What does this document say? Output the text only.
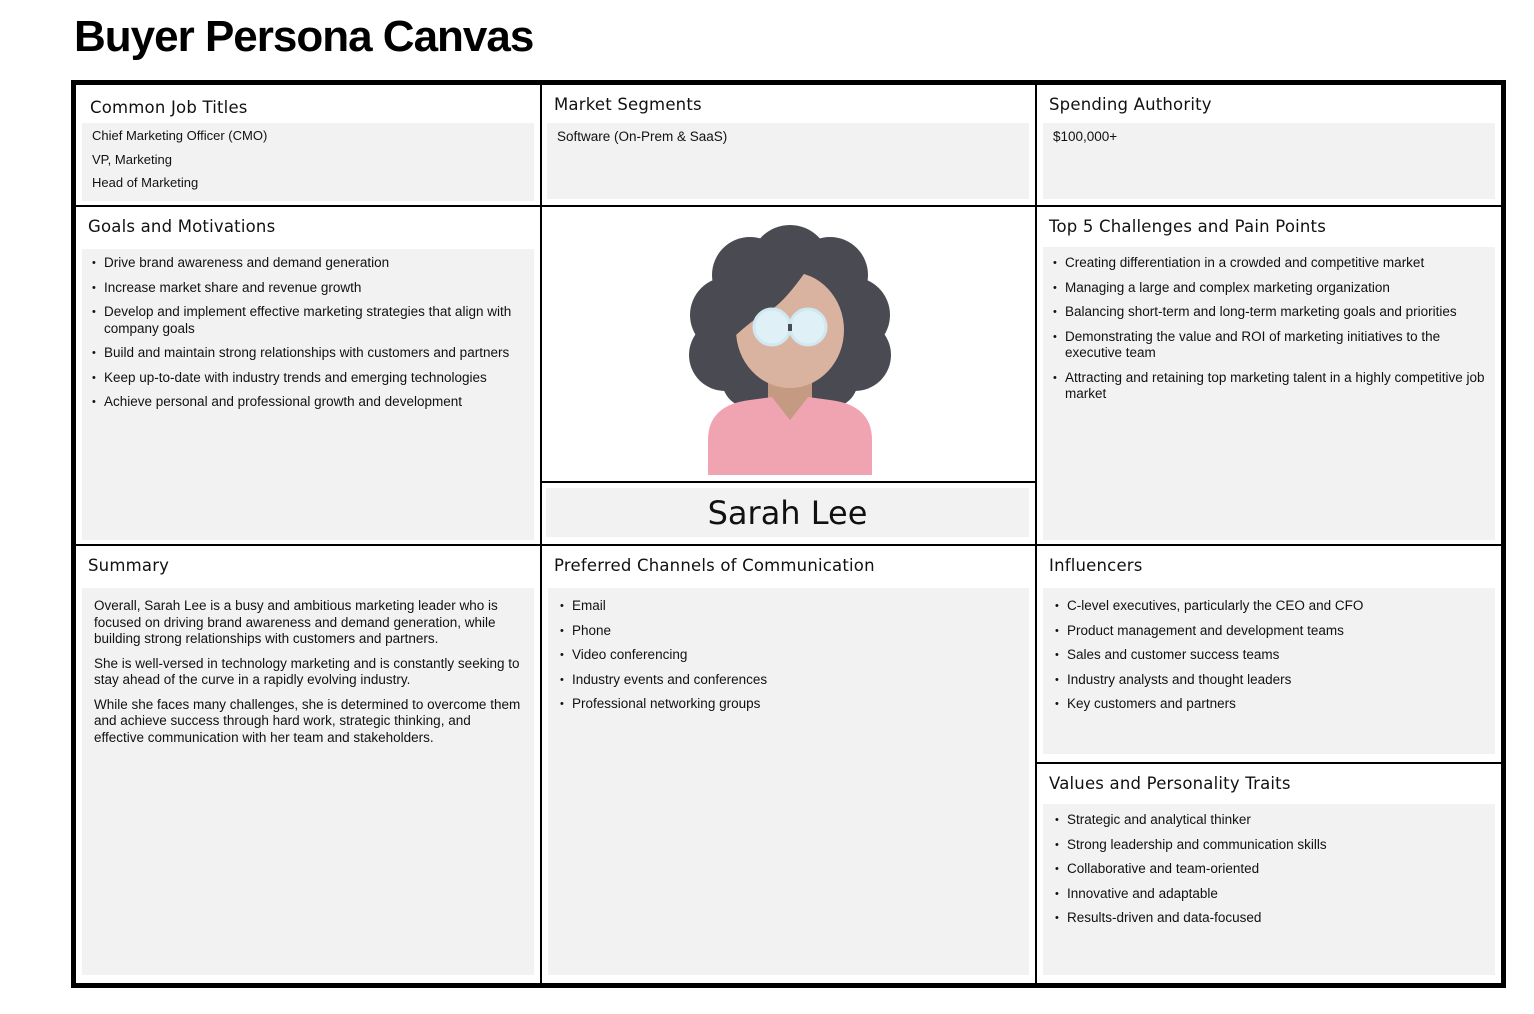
Buyer Persona Canvas
Common Job Titles

Chief Marketing Officer (CMO)

VP, Marketing

Head of Marketing

Market Segments

Software (On-Prem & SaaS)

Spending Authority

$100,000+

Goals and Motivations
• Drive brand awareness and demand generation
• Increase market share and revenue growth
• Develop and implement effective marketing strategies that align with company goals
• Build and maintain strong relationships with customers and partners
• Keep up-to-date with industry trends and emerging technologies
• Achieve personal and professional growth and development
Sarah Lee
Top 5 Challenges and Pain Points
• Creating differentiation in a crowded and competitive market
• Managing a large and complex marketing organization
• Balancing short-term and long-term marketing goals and priorities
• Demonstrating the value and ROI of marketing initiatives to the executive team
• Attracting and retaining top marketing talent in a highly competitive job market
Summary

Overall, Sarah Lee is a busy and ambitious marketing leader who is focused on driving brand awareness and demand generation, while building strong relationships with customers and partners.

She is well-versed in technology marketing and is constantly seeking to stay ahead of the curve in a rapidly evolving industry.

While she faces many challenges, she is determined to overcome them and achieve success through hard work, strategic thinking, and effective communication with her team and stakeholders.

Preferred Channels of Communication
• Email
• Phone
• Video conferencing
• Industry events and conferences
• Professional networking groups
Influencers
• C-level executives, particularly the CEO and CFO
• Product management and development teams
• Sales and customer success teams
• Industry analysts and thought leaders
• Key customers and partners
Values and Personality Traits
• Strategic and analytical thinker
• Strong leadership and communication skills
• Collaborative and team-oriented
• Innovative and adaptable
• Results-driven and data-focused
